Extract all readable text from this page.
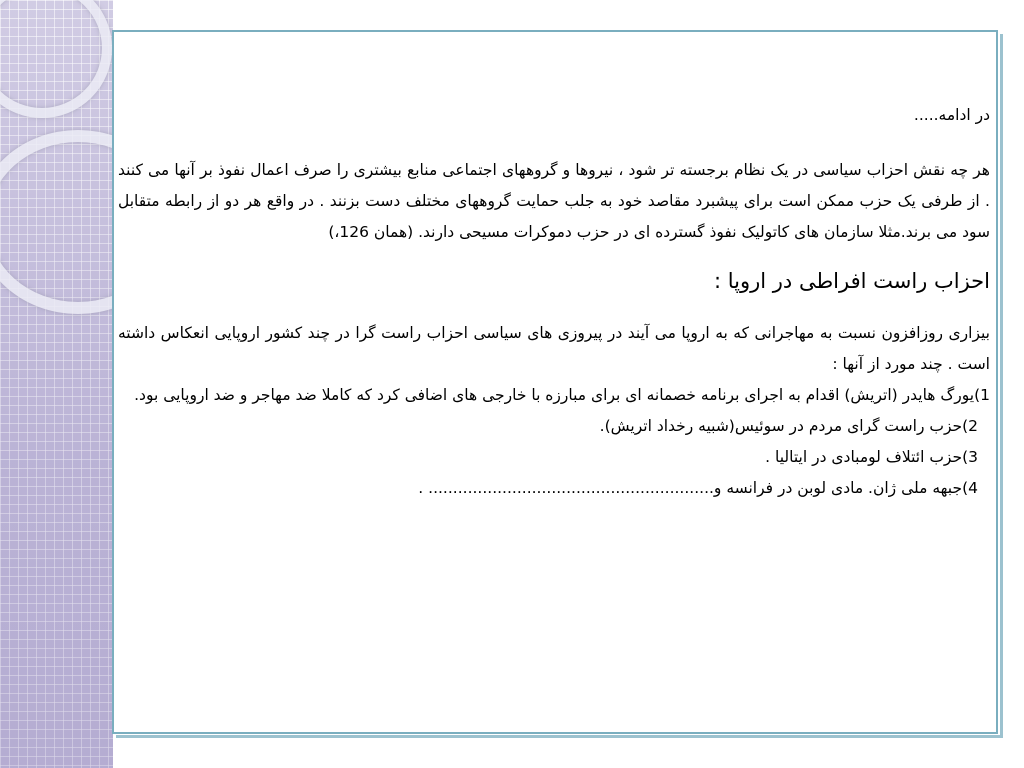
در ادامه.....

هر چه نقش احزاب سیاسی در یک نظام برجسته تر شود ، نیروها و گروههای اجتماعی منابع بیشتری را صرف اعمال نفوذ بر آنها می کنند . از طرفی یک حزب ممکن است برای پیشبرد مقاصد خود به جلب حمایت گروههای مختلف دست بزنند . در واقع هر دو از رابطه متقابل سود می برند.مثلا سازمان های کاتولیک نفوذ گسترده ای در حزب دموکرات مسیحی دارند. (همان 126،)

احزاب راست افراطی در اروپا :

بیزاری روزافزون نسبت به مهاجرانی که به اروپا می آیند در پیروزی های سیاسی احزاب راست گرا در چند کشور اروپایی انعکاس داشته است . چند مورد از آنها :

1)یورگ هایدر (اتریش) اقدام به اجرای برنامه خصمانه ای برای مبارزه با خارجی های اضافی کرد که کاملا ضد مهاجر و ضد اروپایی بود.

2)حزب راست گرای مردم در سوئیس(شبیه رخداد اتریش).

3)حزب ائتلاف لومبادی در ایتالیا .

4)جبهه ملی ژان. مادی لوبن در فرانسه و.......................................................... .
